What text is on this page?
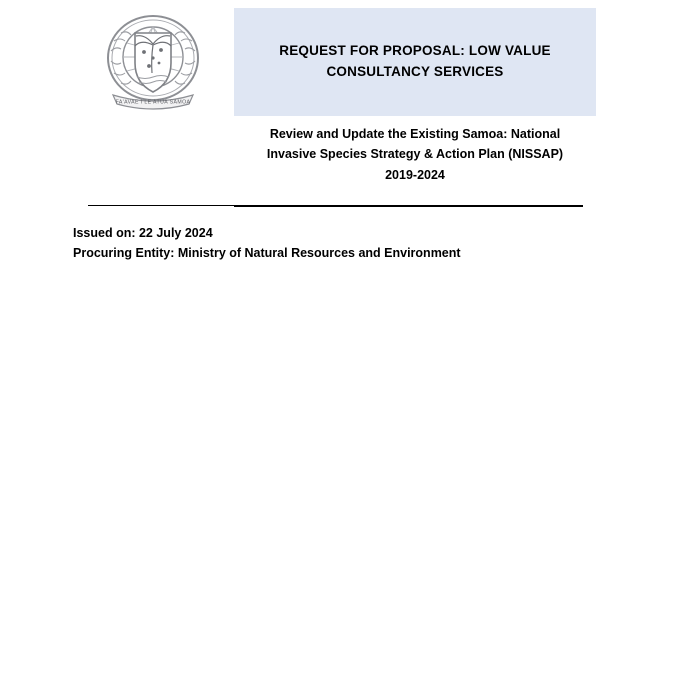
FA'AVAE I LE ATUA SAMOA
REQUEST FOR PROPOSAL: LOW VALUE CONSULTANCY SERVICES
Review and Update the Existing Samoa: National
Invasive Species Strategy & Action Plan (NISSAP)
2019-2024
Issued on: 22 July 2024
Procuring Entity: Ministry of Natural Resources and Environment
